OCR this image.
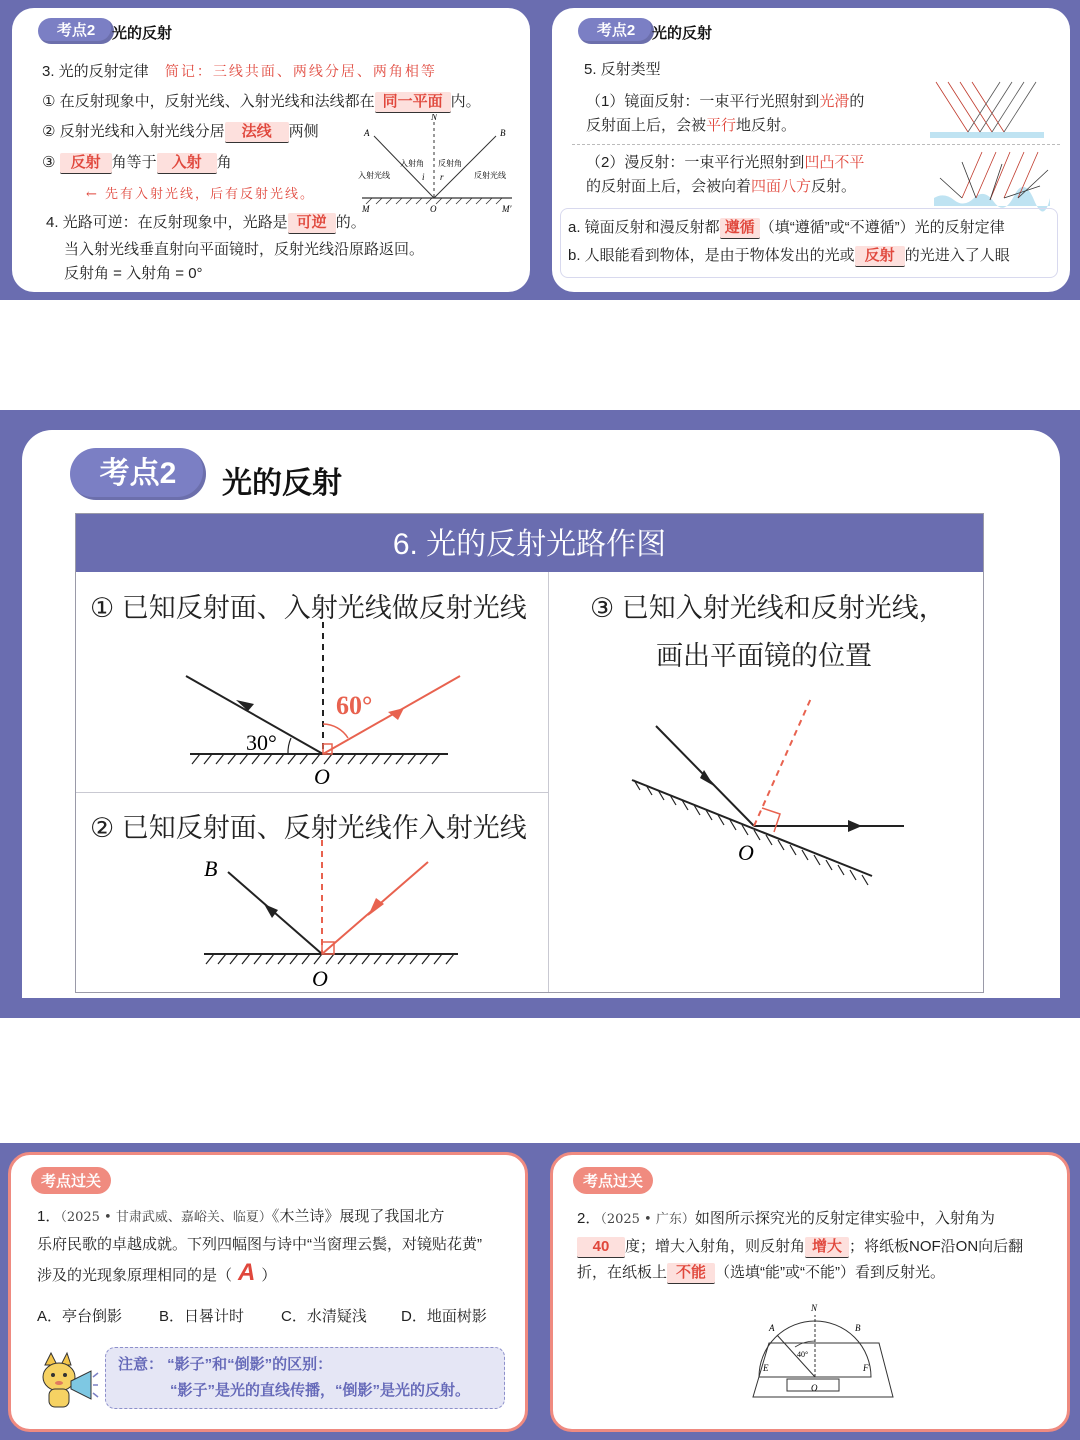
考点2	光的反射
3. 光的反射定律 简记：三线共面、两线分居、两角相等
① 在反射现象中，反射光线、入射光线和法线都在 同一平面 内。
② 反射光线和入射光线分居 法线 两侧
③ 反射 角等于 入射 角
← 先有入射光线，后有反射光线。
4. 光路可逆：在反射现象中，光路是 可逆 的。
当入射光线垂直射向平面镜时，反射光线沿原路返回。
反射角 = 入射角 = 0°
A	B
N
O
M	M′
入射光线	反射光线
入射角 反射角
i r
考点2	光的反射
5. 反射类型
（1）镜面反射：一束平行光照射到光滑的
反射面上后，会被平行地反射。
（2）漫反射：一束平行光照射到凹凸不平
的反射面上后，会被向着四面八方反射。
a. 镜面反射和漫反射都 遵循 （填“遵循”或“不遵循”）光的反射定律
b. 人眼能看到物体，是由于物体发出的光或 反射 的光进入了人眼
考点2	光的反射
6. 光的反射光路作图
① 已知反射面、入射光线做反射光线
② 已知反射面、反射光线作入射光线
③ 已知入射光线和反射光线，
画出平面镜的位置
60°
30°
O
B
O
O
考点过关
1．（2025 • 甘肃武威、嘉峪关、临夏）《木兰诗》展现了我国北方
乐府民歌的卓越成就。下列四幅图与诗中“当窗理云鬓，对镜贴花黄”
涉及的光现象原理相同的是（ A ）
A．亭台倒影 B．日晷计时 C．水清疑浅 D．地面树影
注意： “影子”和“倒影”的区别：
“影子”是光的直线传播，“倒影”是光的反射。
考点过关
2．（2025 • 广东）如图所示探究光的反射定律实验中，入射角为
40 度；增大入射角，则反射角 增大 ；将纸板NOF沿ON向后翻
折，在纸板上 不能 （选填“能”或“不能”）看到反射光。
N
A	B
E	F
O
40°
